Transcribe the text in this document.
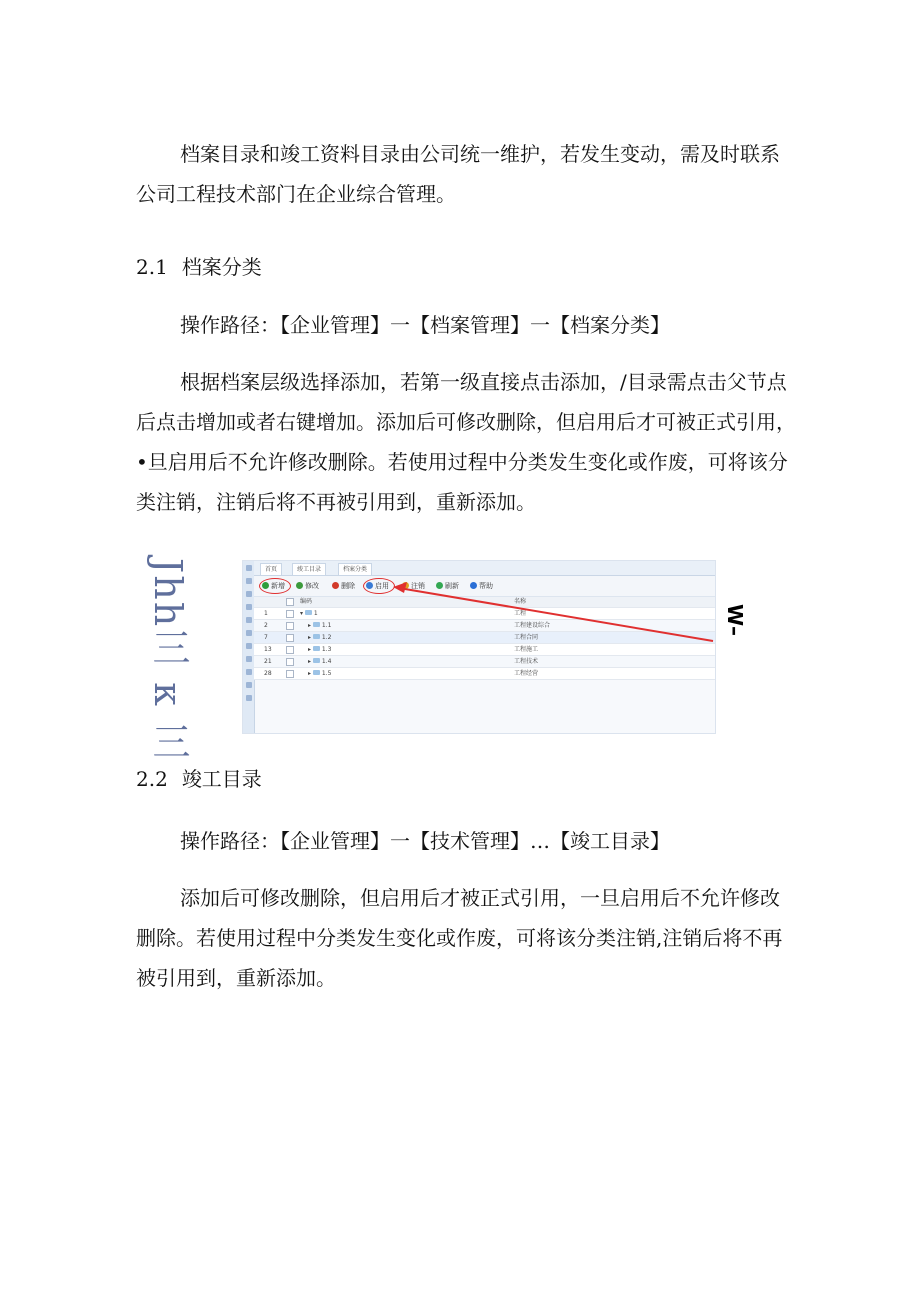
档案目录和竣工资料目录由公司统一维护，若发生变动，需及时联系公司工程技术部门在企业综合管理。

2.1 档案分类

操作路径：【企业管理】一【档案管理】一【档案分类】

根据档案层级选择添加，若第一级直接点击添加，/目录需点击父节点后点击增加或者右键增加。添加后可修改删除，但启用后才可被正式引用，•旦启用后不允许修改删除。若使用过程中分类发生变化或作废，可将该分类注销，注销后将不再被引用到，重新添加。

Jhh三 κ 三	首页	竣工目录	档案分类
新增	修改	删除	启用	注销	刷新	帮助
编码	名称
1	▾ 1	工程
2	▸ 1.1	工程建设综合
7	▸ 1.2	工程合同
13	▸ 1.3	工程施工
21	▸ 1.4	工程技术
28	▸ 1.5	工程经营
W–
2.2 竣工目录

操作路径：【企业管理】一【技术管理】…【竣工目录】

添加后可修改删除，但启用后才被正式引用，一旦启用后不允许修改删除。若使用过程中分类发生变化或作废，可将该分类注销,注销后将不再被引用到，重新添加。
